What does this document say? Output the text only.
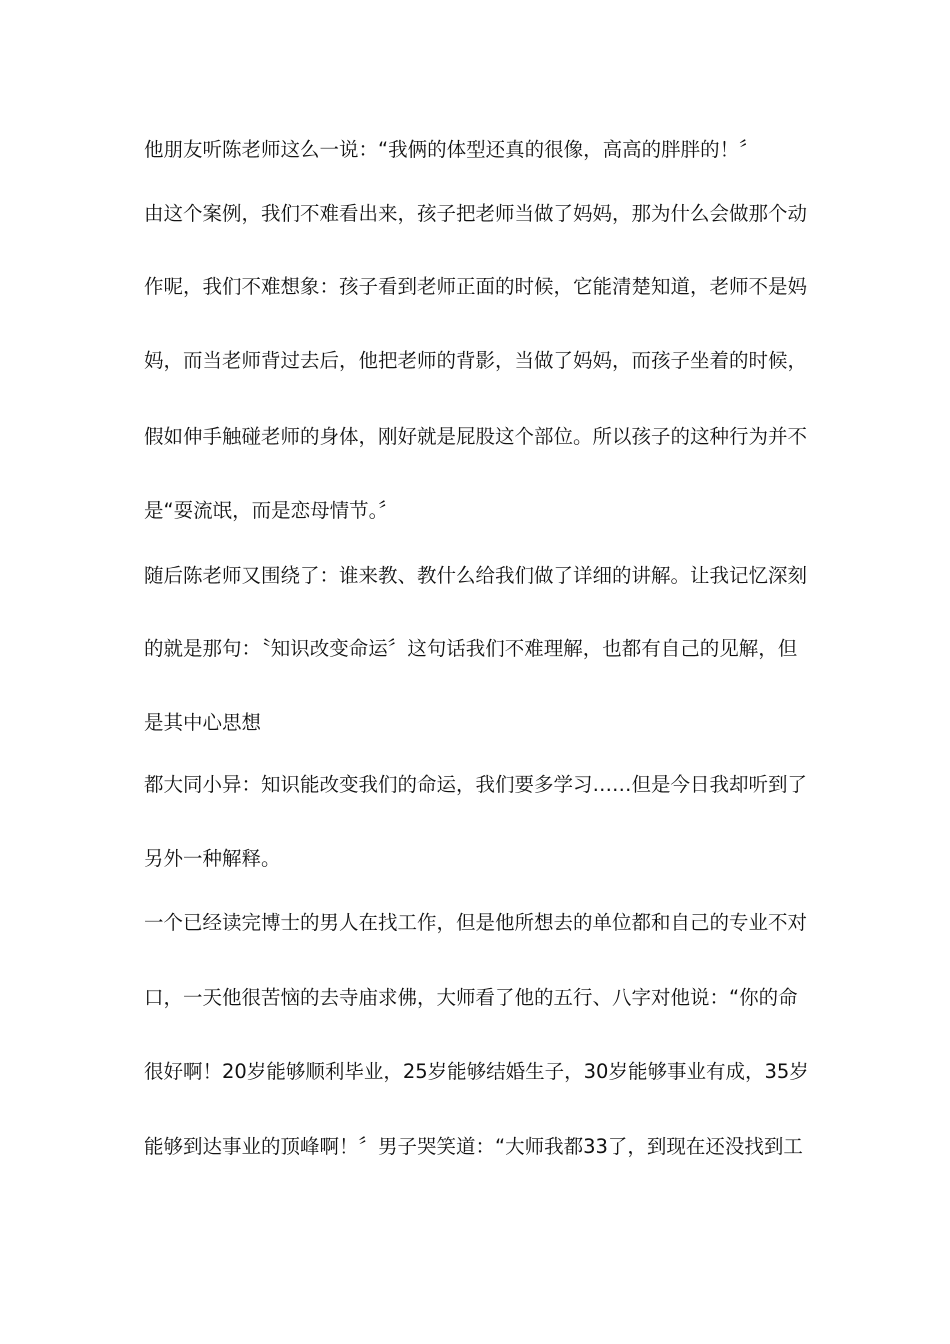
他朋友听陈老师这么一说：“我俩的体型还真的很像，高高的胖胖的！〞
由这个案例，我们不难看出来，孩子把老师当做了妈妈，那为什么会做那个动
作呢，我们不难想象：孩子看到老师正面的时候，它能清楚知道，老师不是妈
妈，而当老师背过去后，他把老师的背影，当做了妈妈，而孩子坐着的时候，
假如伸手触碰老师的身体，刚好就是屁股这个部位。所以孩子的这种行为并不
是“耍流氓，而是恋母情节。〞
随后陈老师又围绕了：谁来教、教什么给我们做了详细的讲解。让我记忆深刻
的就是那句：〝知识改变命运〞这句话我们不难理解，也都有自己的见解，但
是其中心思想
都大同小异：知识能改变我们的命运，我们要多学习……但是今日我却听到了
另外一种解释。
一个已经读完博士的男人在找工作，但是他所想去的单位都和自己的专业不对
口，一天他很苦恼的去寺庙求佛，大师看了他的五行、八字对他说：“你的命
很好啊！20岁能够顺利毕业，25岁能够结婚生子，30岁能够事业有成，35岁
能够到达事业的顶峰啊！〞男子哭笑道：“大师我都33了，到现在还没找到工
